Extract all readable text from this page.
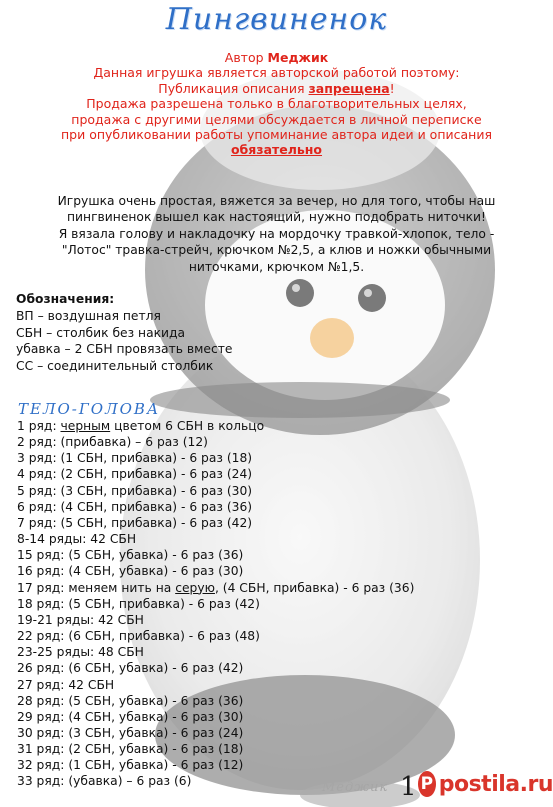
Пингвиненок
Автор Меджик
Данная игрушка является авторской работой поэтому:
Публикация описания запрещена!
Продажа разрешена только в благотворительных целях,
продажа с другими целями обсуждается в личной переписке
при опубликовании работы упоминание автора идеи и описания
обязательно
Игрушка очень простая, вяжется за вечер, но для того, чтобы наш
пингвиненок вышел как настоящий, нужно подобрать ниточки!
Я вязала голову и накладочку на мордочку травкой-хлопок, тело -
"Лотос" травка-стрейч, крючком №2,5, а клюв и ножки обычными
ниточками, крючком №1,5.
Обозначения:
ВП – воздушная петля
СБН – столбик без накида
убавка – 2 СБН провязать вместе
СС – соединительный столбик
ТЕЛО-ГОЛОВА
1 ряд: черным цветом 6 СБН в кольцо
2 ряд: (прибавка) – 6 раз (12)
3 ряд: (1 СБН, прибавка) - 6 раз (18)
4 ряд: (2 СБН, прибавка) - 6 раз (24)
5 ряд: (3 СБН, прибавка) - 6 раз (30)
6 ряд: (4 СБН, прибавка) - 6 раз (36)
7 ряд: (5 СБН, прибавка) - 6 раз (42)
8-14 ряды: 42 СБН
15 ряд: (5 СБН, убавка) - 6 раз (36)
16 ряд: (4 СБН, убавка) - 6 раз (30)
17 ряд: меняем нить на серую, (4 СБН, прибавка) - 6 раз (36)
18 ряд: (5 СБН, прибавка) - 6 раз (42)
19-21 ряды: 42 СБН
22 ряд: (6 СБН, прибавка) - 6 раз (48)
23-25 ряды: 48 СБН
26 ряд: (6 СБН, убавка) - 6 раз (42)
27 ряд: 42 СБН
28 ряд: (5 СБН, убавка) - 6 раз (36)
29 ряд: (4 СБН, убавка) - 6 раз (30)
30 ряд: (3 СБН, убавка) - 6 раз (24)
31 ряд: (2 СБН, убавка) - 6 раз (18)
32 ряд: (1 СБН, убавка) - 6 раз (12)
33 ряд: (убавка) – 6 раз (6)	Меджик 1 P postila.ru
